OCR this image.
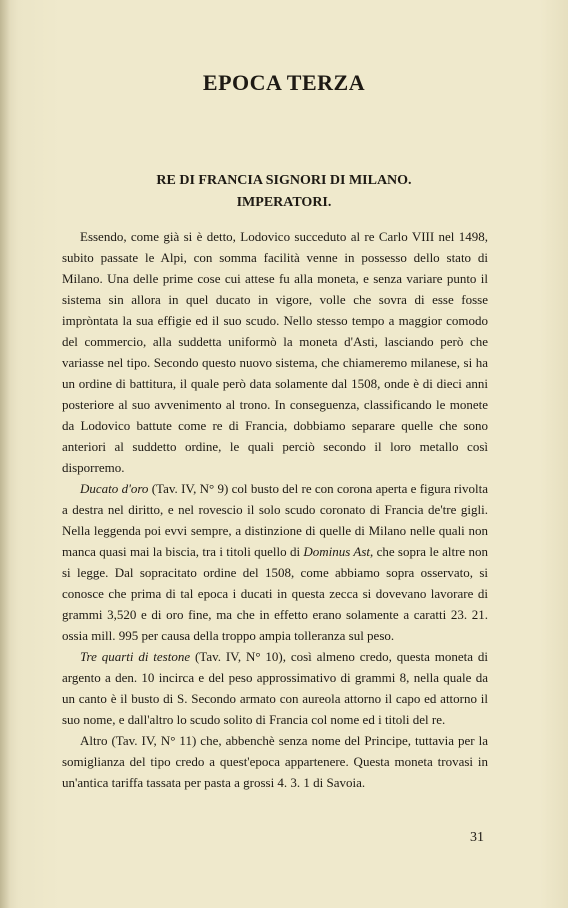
EPOCA TERZA
RE DI FRANCIA SIGNORI DI MILANO.
IMPERATORI.

Essendo, come già si è detto, Lodovico succeduto al re Carlo VIII nel 1498, subito passate le Alpi, con somma facilità venne in possesso dello stato di Milano. Una delle prime cose cui attese fu alla moneta, e senza variare punto il sistema sin allora in quel ducato in vigore, volle che sovra di esse fosse impròntata la sua effigie ed il suo scudo. Nello stesso tempo a maggior comodo del commercio, alla suddetta uniformò la moneta d'Asti, lasciando però che variasse nel tipo. Secondo questo nuovo sistema, che chiameremo milanese, si ha un ordine di battitura, il quale però data solamente dal 1508, onde è di dieci anni posteriore al suo avvenimento al trono. In conseguenza, classificando le monete da Lodovico battute come re di Francia, dobbiamo separare quelle che sono anteriori al suddetto ordine, le quali perciò secondo il loro metallo così disporremo.

Ducato d'oro (Tav. IV, N° 9) col busto del re con corona aperta e figura rivolta a destra nel diritto, e nel rovescio il solo scudo coronato di Francia de'tre gigli. Nella leggenda poi evvi sempre, a distinzione di quelle di Milano nelle quali non manca quasi mai la biscia, tra i titoli quello di Dominus Ast, che sopra le altre non si legge. Dal sopracitato ordine del 1508, come abbiamo sopra osservato, si conosce che prima di tal epoca i ducati in questa zecca si dovevano lavorare di grammi 3,520 e di oro fine, ma che in effetto erano solamente a caratti 23. 21. ossia mill. 995 per causa della troppo ampia tolleranza sul peso.

Tre quarti di testone (Tav. IV, N° 10), così almeno credo, questa moneta di argento a den. 10 incirca e del peso approssimativo di grammi 8, nella quale da un canto è il busto di S. Secondo armato con aureola attorno il capo ed attorno il suo nome, e dall'altro lo scudo solito di Francia col nome ed i titoli del re.

Altro (Tav. IV, N° 11) che, abbenchè senza nome del Principe, tuttavia per la somiglianza del tipo credo a quest'epoca appartenere. Questa moneta trovasi in un'antica tariffa tassata per pasta a grossi 4. 3. 1 di Savoia.

31
